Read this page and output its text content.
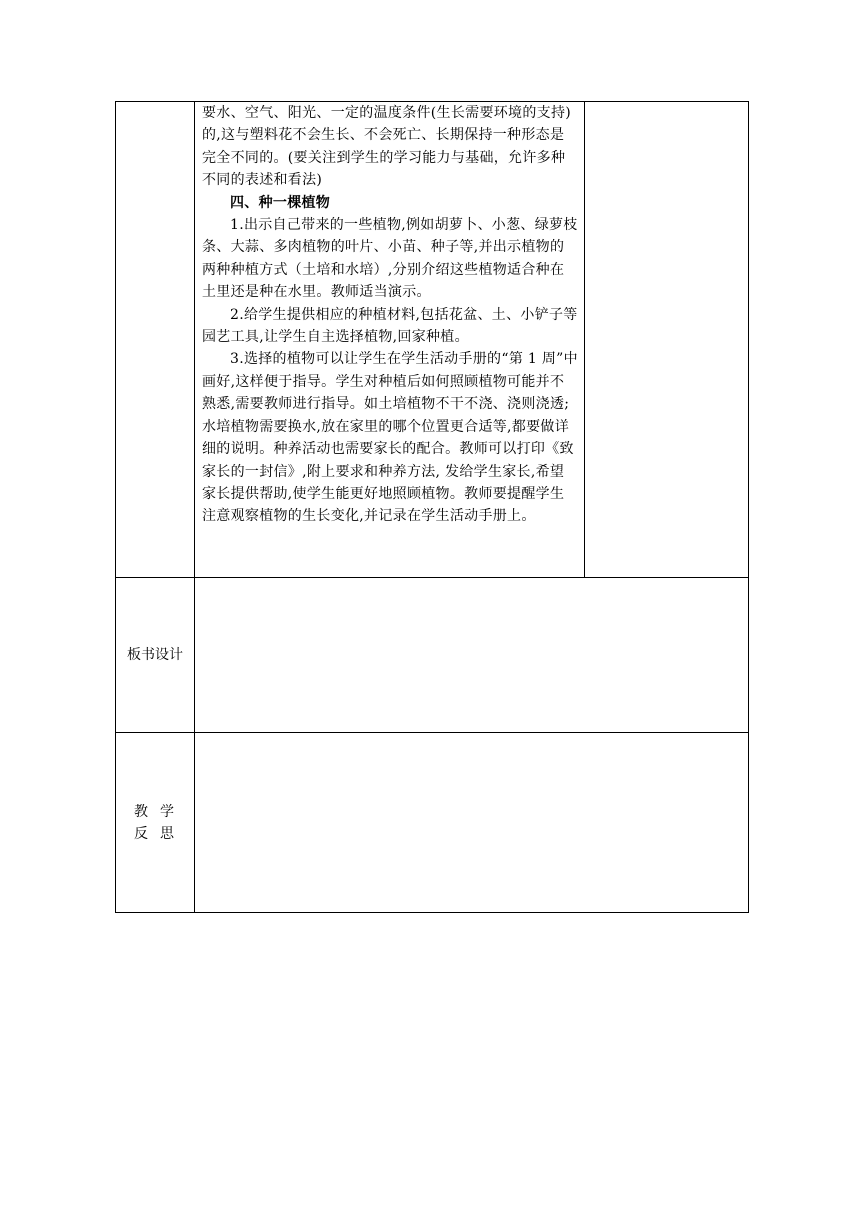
	要水、空气、阳光、一定的温度条件(生长需要环境的支持)的,这与塑料花不会生长、不会死亡、长期保持一种形态是完全不同的。(要关注到学生的学习能力与基础，允许多种不同的表述和看法)

四、种一棵植物

1.出示自己带来的一些植物,例如胡萝卜、小葱、绿萝枝条、大蒜、多肉植物的叶片、小苗、种子等,并出示植物的两种种植方式（土培和水培）,分别介绍这些植物适合种在土里还是种在水里。教师适当演示。

2.给学生提供相应的种植材料,包括花盆、土、小铲子等园艺工具,让学生自主选择植物,回家种植。

3.选择的植物可以让学生在学生活动手册的“第 1 周”中画好,这样便于指导。学生对种植后如何照顾植物可能并不熟悉,需要教师进行指导。如土培植物不干不浇、浇则浇透;水培植物需要换水,放在家里的哪个位置更合适等,都要做详细的说明。种养活动也需要家长的配合。教师可以打印《致家长的一封信》,附上要求和种养方法, 发给学生家长,希望家长提供帮助,使学生能更好地照顾植物。教师要提醒学生注意观察植物的生长变化,并记录在学生活动手册上。	

板书设计		

教学
反思		
